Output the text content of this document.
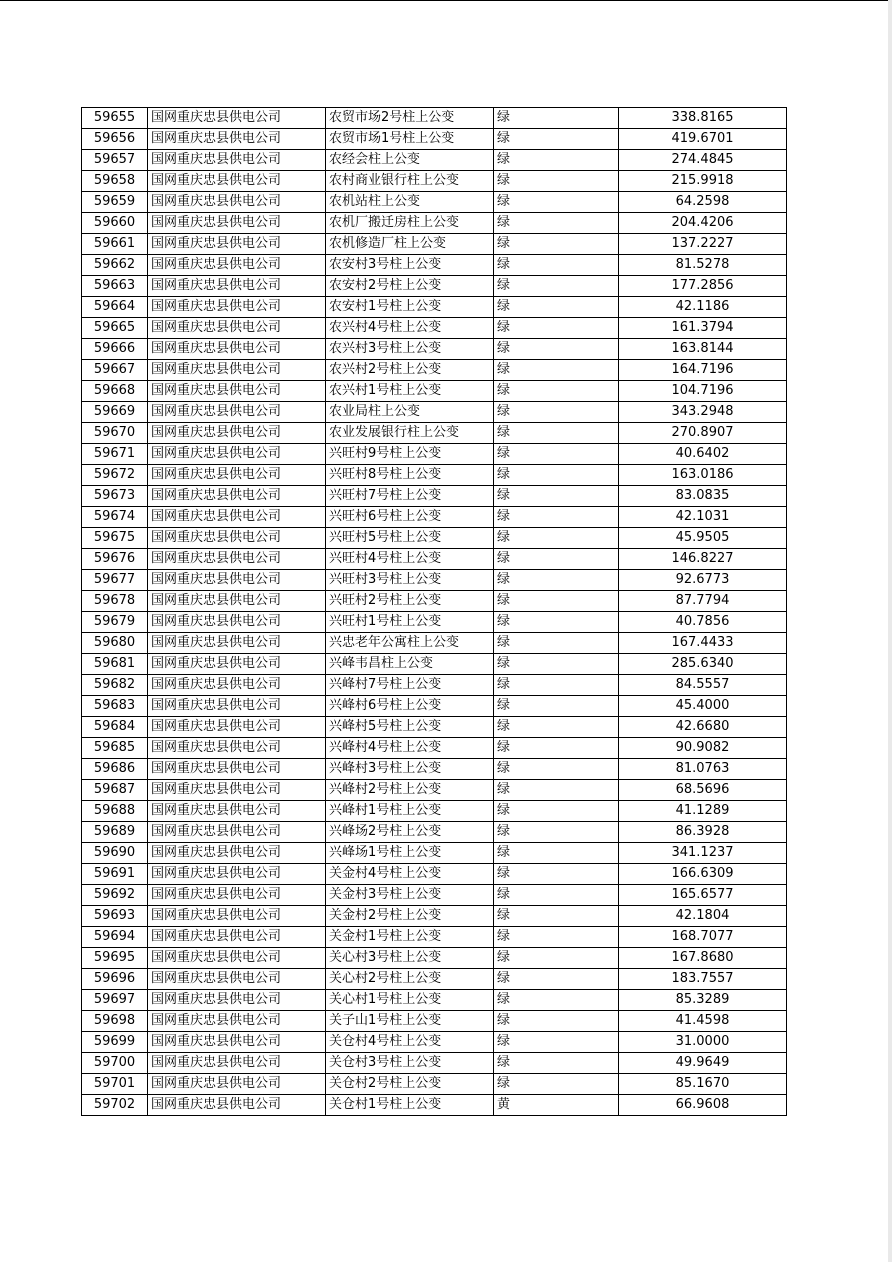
59655	国网重庆忠县供电公司	农贸市场2号柱上公变	绿	338.8165
59656	国网重庆忠县供电公司	农贸市场1号柱上公变	绿	419.6701
59657	国网重庆忠县供电公司	农经会柱上公变	绿	274.4845
59658	国网重庆忠县供电公司	农村商业银行柱上公变	绿	215.9918
59659	国网重庆忠县供电公司	农机站柱上公变	绿	64.2598
59660	国网重庆忠县供电公司	农机厂搬迁房柱上公变	绿	204.4206
59661	国网重庆忠县供电公司	农机修造厂柱上公变	绿	137.2227
59662	国网重庆忠县供电公司	农安村3号柱上公变	绿	81.5278
59663	国网重庆忠县供电公司	农安村2号柱上公变	绿	177.2856
59664	国网重庆忠县供电公司	农安村1号柱上公变	绿	42.1186
59665	国网重庆忠县供电公司	农兴村4号柱上公变	绿	161.3794
59666	国网重庆忠县供电公司	农兴村3号柱上公变	绿	163.8144
59667	国网重庆忠县供电公司	农兴村2号柱上公变	绿	164.7196
59668	国网重庆忠县供电公司	农兴村1号柱上公变	绿	104.7196
59669	国网重庆忠县供电公司	农业局柱上公变	绿	343.2948
59670	国网重庆忠县供电公司	农业发展银行柱上公变	绿	270.8907
59671	国网重庆忠县供电公司	兴旺村9号柱上公变	绿	40.6402
59672	国网重庆忠县供电公司	兴旺村8号柱上公变	绿	163.0186
59673	国网重庆忠县供电公司	兴旺村7号柱上公变	绿	83.0835
59674	国网重庆忠县供电公司	兴旺村6号柱上公变	绿	42.1031
59675	国网重庆忠县供电公司	兴旺村5号柱上公变	绿	45.9505
59676	国网重庆忠县供电公司	兴旺村4号柱上公变	绿	146.8227
59677	国网重庆忠县供电公司	兴旺村3号柱上公变	绿	92.6773
59678	国网重庆忠县供电公司	兴旺村2号柱上公变	绿	87.7794
59679	国网重庆忠县供电公司	兴旺村1号柱上公变	绿	40.7856
59680	国网重庆忠县供电公司	兴忠老年公寓柱上公变	绿	167.4433
59681	国网重庆忠县供电公司	兴峰韦昌柱上公变	绿	285.6340
59682	国网重庆忠县供电公司	兴峰村7号柱上公变	绿	84.5557
59683	国网重庆忠县供电公司	兴峰村6号柱上公变	绿	45.4000
59684	国网重庆忠县供电公司	兴峰村5号柱上公变	绿	42.6680
59685	国网重庆忠县供电公司	兴峰村4号柱上公变	绿	90.9082
59686	国网重庆忠县供电公司	兴峰村3号柱上公变	绿	81.0763
59687	国网重庆忠县供电公司	兴峰村2号柱上公变	绿	68.5696
59688	国网重庆忠县供电公司	兴峰村1号柱上公变	绿	41.1289
59689	国网重庆忠县供电公司	兴峰场2号柱上公变	绿	86.3928
59690	国网重庆忠县供电公司	兴峰场1号柱上公变	绿	341.1237
59691	国网重庆忠县供电公司	关金村4号柱上公变	绿	166.6309
59692	国网重庆忠县供电公司	关金村3号柱上公变	绿	165.6577
59693	国网重庆忠县供电公司	关金村2号柱上公变	绿	42.1804
59694	国网重庆忠县供电公司	关金村1号柱上公变	绿	168.7077
59695	国网重庆忠县供电公司	关心村3号柱上公变	绿	167.8680
59696	国网重庆忠县供电公司	关心村2号柱上公变	绿	183.7557
59697	国网重庆忠县供电公司	关心村1号柱上公变	绿	85.3289
59698	国网重庆忠县供电公司	关子山1号柱上公变	绿	41.4598
59699	国网重庆忠县供电公司	关仓村4号柱上公变	绿	31.0000
59700	国网重庆忠县供电公司	关仓村3号柱上公变	绿	49.9649
59701	国网重庆忠县供电公司	关仓村2号柱上公变	绿	85.1670
59702	国网重庆忠县供电公司	关仓村1号柱上公变	黄	66.9608
